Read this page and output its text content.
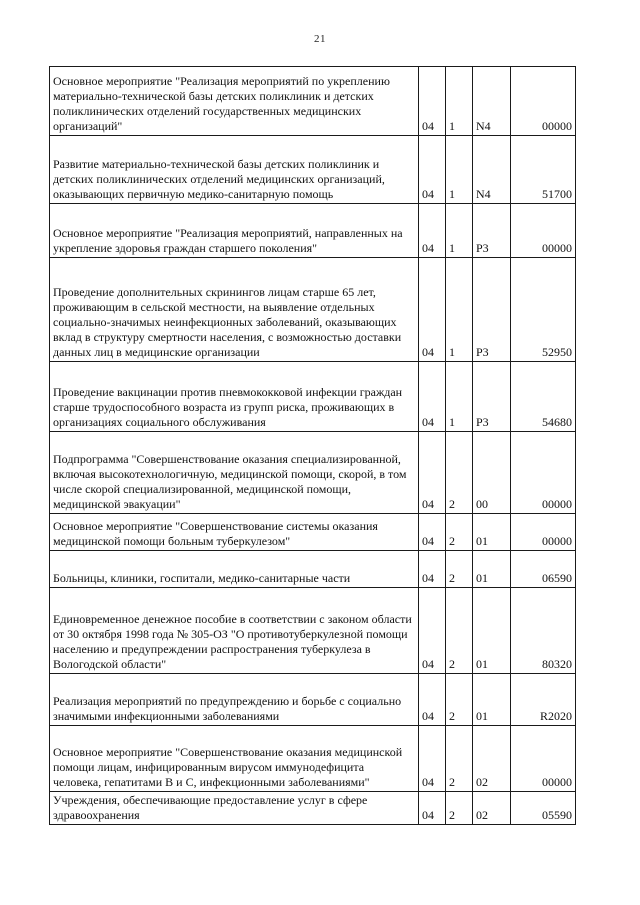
21
Основное мероприятие "Реализация мероприятий по укреплению материально-технической базы детских поликлиник и детских поликлинических отделений государственных медицинских организаций"	04	1	N4	00000
Развитие материально-технической базы детских поликлиник и детских поликлинических отделений медицинских организаций, оказывающих первичную медико-санитарную помощь	04	1	N4	51700
Основное мероприятие "Реализация мероприятий, направленных на укрепление здоровья граждан старшего поколения"	04	1	P3	00000
Проведение дополнительных скринингов лицам старше 65 лет, проживающим в сельской местности, на выявление отдельных социально-значимых неинфекционных заболеваний, оказывающих вклад в структуру смертности населения, с возможностью доставки данных лиц в медицинские организации	04	1	P3	52950
Проведение вакцинации против пневмококковой инфекции граждан старше трудоспособного возраста из групп риска, проживающих в организациях социального обслуживания	04	1	P3	54680
Подпрограмма "Совершенствование оказания специализированной, включая высокотехнологичную, медицинской помощи, скорой, в том числе скорой специализированной, медицинской помощи, медицинской эвакуации"	04	2	00	00000
Основное мероприятие "Совершенствование системы оказания медицинской помощи больным туберкулезом"	04	2	01	00000
Больницы, клиники, госпитали, медико-санитарные части	04	2	01	06590
Единовременное денежное пособие в соответствии с законом области от 30 октября 1998 года № 305-ОЗ "О противотуберкулезной помощи населению и предупреждении распространения туберкулеза в Вологодской области"	04	2	01	80320
Реализация мероприятий по предупреждению и борьбе с социально значимыми инфекционными заболеваниями	04	2	01	R2020
Основное мероприятие "Совершенствование оказания медицинской помощи лицам, инфицированным вирусом иммунодефицита человека, гепатитами В и С, инфекционными заболеваниями"	04	2	02	00000
Учреждения, обеспечивающие предоставление услуг в сфере здравоохранения	04	2	02	05590
